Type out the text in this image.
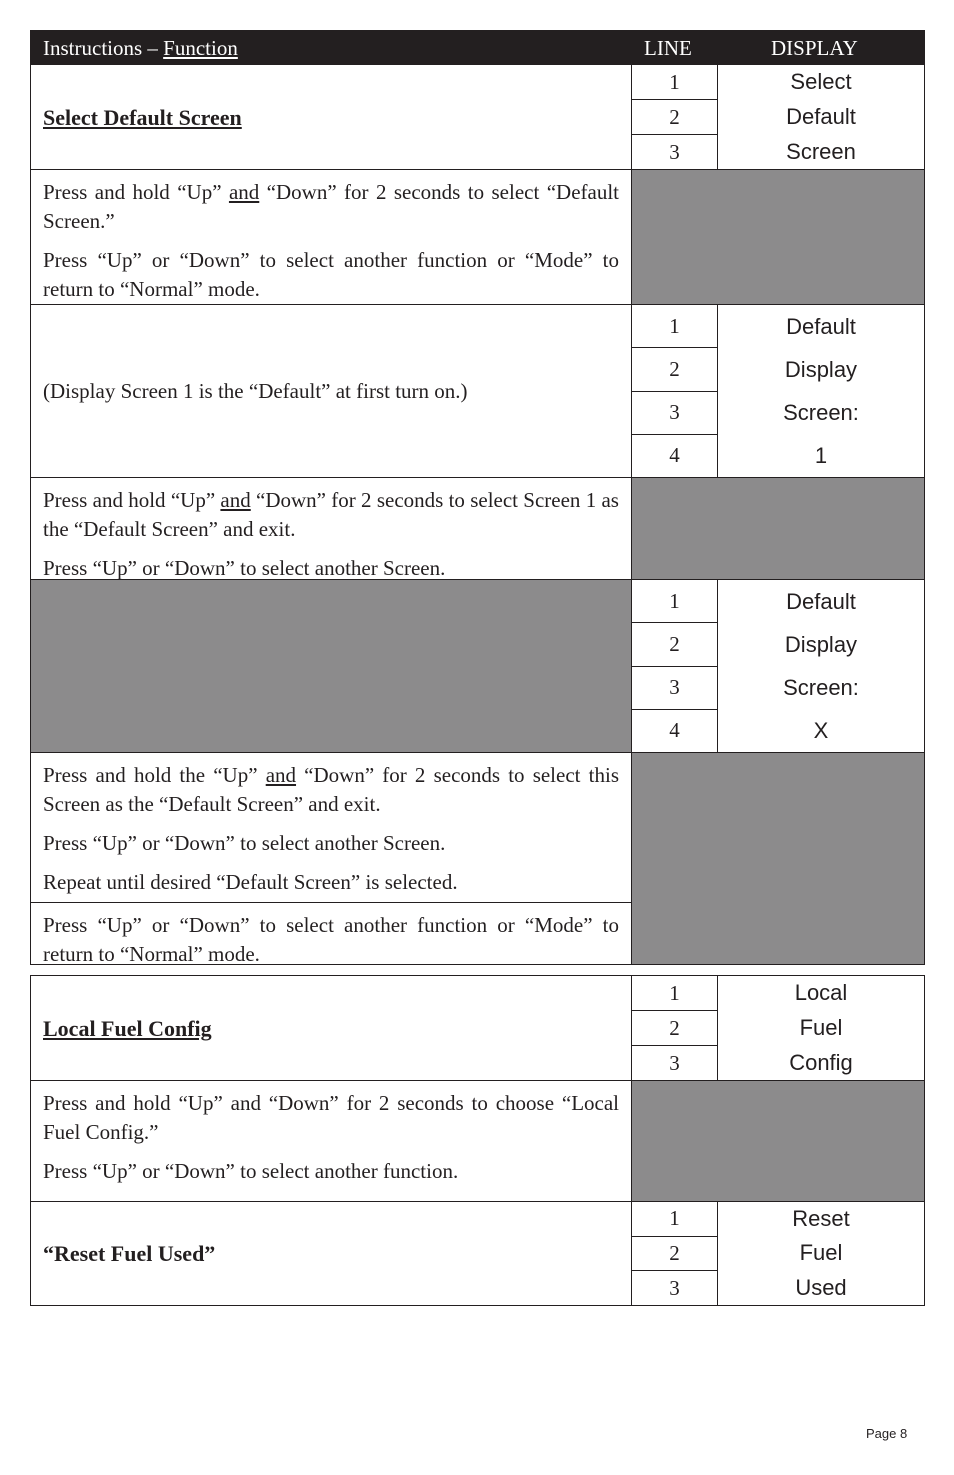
Instructions – Function	LINE	DISPLAY
Select Default Screen
1
2
3
Select
Default
Screen

Press and hold “Up” and “Down” for 2 seconds to select “Default Screen.”

Press “Up” or “Down” to select another function or “Mode” to return to “Normal” mode.

(Display Screen 1 is the “Default” at first turn on.)
1
2
3
4
Default
Display
Screen:
1

Press and hold “Up” and “Down” for 2 seconds to select Screen 1 as the “Default Screen” and exit.

Press “Up” or “Down” to select another Screen.

1
2
3
4
Default
Display
Screen:
X

Press and hold the “Up” and “Down” for 2 seconds to select this Screen as the “Default Screen” and exit.

Press “Up” or “Down” to select another Screen.

Repeat until desired “Default Screen” is selected.

Press “Up” or “Down” to select another function or “Mode” to return to “Normal” mode.

Local Fuel Config
1
2
3
Local
Fuel
Config

Press and hold “Up” and “Down” for 2 seconds to choose “Local Fuel Config.”

Press “Up” or “Down” to select another function.

“Reset Fuel Used”
1
2
3
Reset
Fuel
Used
Page 8
